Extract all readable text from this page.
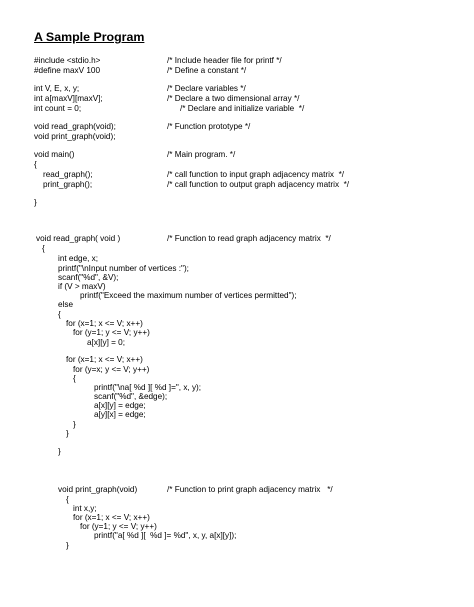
A Sample Program
#include <stdio.h>	/* Include header file for printf */
#define maxV 100	/* Define a constant */
int V, E, x, y;	/* Declare variables */
int a[maxV][maxV];	/* Declare a two dimensional array */
int count = 0;	/* Declare and initialize variable  */
void read_graph(void);	/* Function prototype */
void print_graph(void);
void main()	/* Main program. */
{
read_graph();	/* call function to input graph adjacency matrix  */
print_graph();	/* call function to output graph adjacency matrix  */
}
void read_graph( void )	/* Function to read graph adjacency matrix  */
{
int edge, x;
printf("\nInput number of vertices :");
scanf("%d", &V);
if (V > maxV)
printf("Exceed the maximum number of vertices permitted");
else
{
for (x=1; x <= V; x++)
for (y=1; y <= V; y++)
a[x][y] = 0;
for (x=1; x <= V; x++)
for (y=x; y <= V; y++)
{
printf("\na[ %d ][ %d ]=", x, y);
scanf("%d", &edge);
a[x][y] = edge;
a[y][x] = edge;
}
}
}
void print_graph(void)	/* Function to print graph adjacency matrix   */
{
int x,y;
for (x=1; x <= V; x++)
for (y=1; y <= V; y++)
printf("a[ %d ][  %d ]= %d", x, y, a[x][y]);
}
